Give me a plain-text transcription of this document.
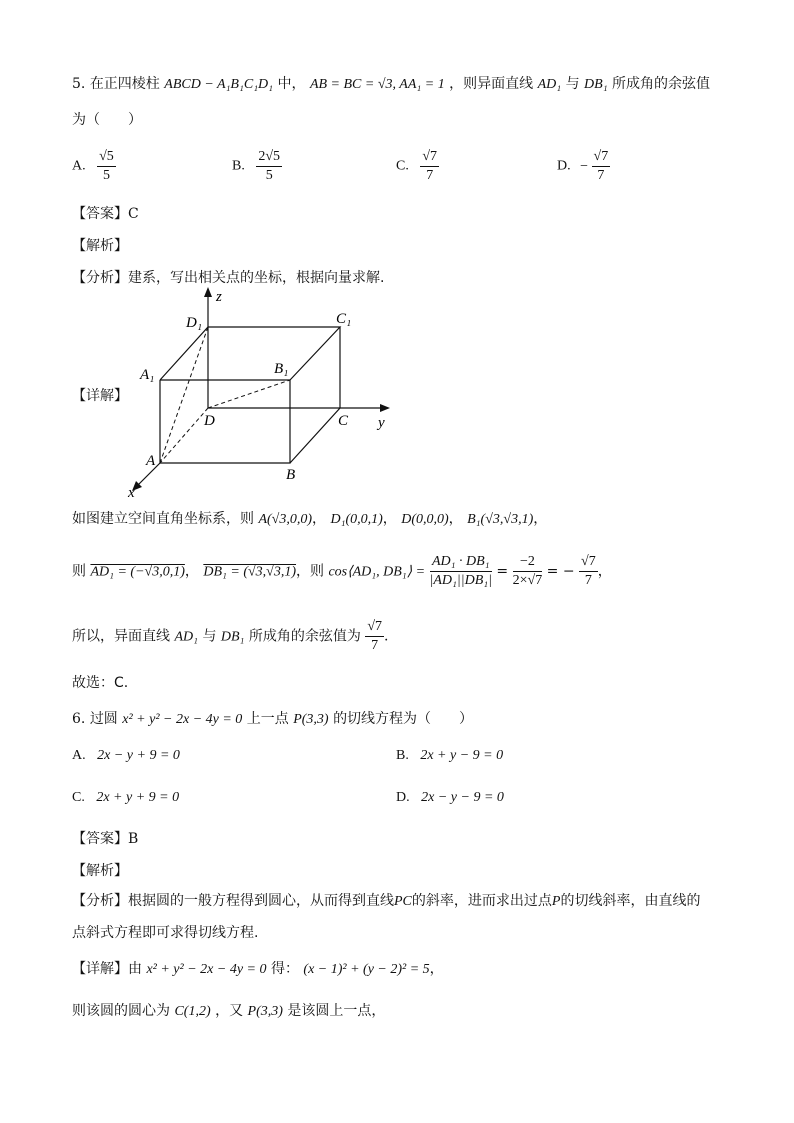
5. 在正四棱柱 ABCD − A₁B₁C₁D₁ 中， AB = BC = √3, AA₁ = 1 ，则异面直线 AD₁ 与 DB₁ 所成角的余弦值
为（　　）
A. $\frac{√5}{5}$	B. $\frac{2√5}{5}$	C. $\frac{√7}{7}$	D. − $\frac{√7}{7}$
【答案】C
【解析】
【分析】建系，写出相关点的坐标，根据向量求解.
【详解】
z
y
x
D₁	C₁
A₁	B₁
D	C
A
B
如图建立空间直角坐标系，则 A(√3,0,0)， D₁(0,0,1)， D(0,0,0)， B₁(√3,√3,1)，
则 AD₁ = (−√3,0,1)， DB₁ = (√3,√3,1)，则 cos⟨AD₁, DB₁⟩ = $\frac{\text{AD₁ · DB₁}}{\text{|AD₁||DB₁|}} = \frac{-2}{2\times√7}$ = − $\frac{√7}{7}$ ，
所以，异面直线 AD₁ 与 DB₁ 所成角的余弦值为 $\frac{√7}{7}$ .
故选：C.
6. 过圆 x² + y² − 2x − 4y = 0 上一点 P(3,3) 的切线方程为（　　）
A. 2x − y + 9 = 0	B. 2x + y − 9 = 0
C. 2x + y + 9 = 0	D. 2x − y − 9 = 0
【答案】B
【解析】
【分析】根据圆的一般方程得到圆心，从而得到直线PC的斜率，进而求出过点P的切线斜率，由直线的
点斜式方程即可求得切线方程.
【详解】由 x² + y² − 2x − 4y = 0 得： (x − 1)² + (y − 2)² = 5，
则该圆的圆心为 C(1,2) ，又 P(3,3) 是该圆上一点，
